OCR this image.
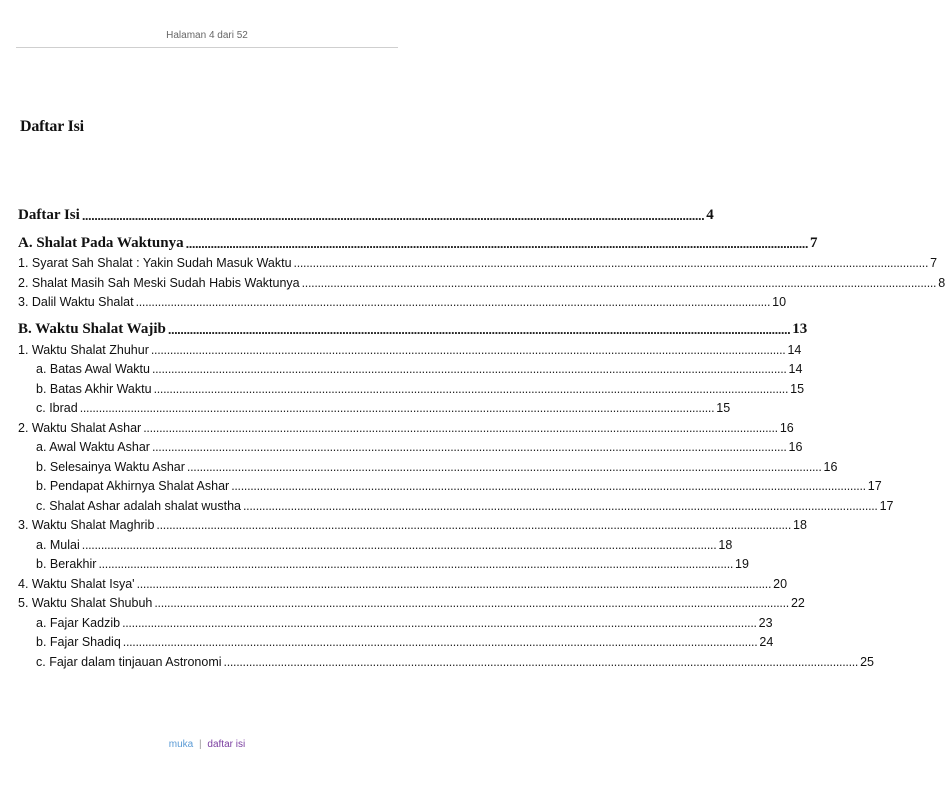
Halaman 4 dari 52
Daftar Isi
Daftar Isi ........................................................................................................................................................................................................ 4
A. Shalat Pada Waktunya ........................................................................................................................................................................................................ 7
1. Syarat Sah Shalat : Yakin Sudah Masuk Waktu ........................................................................................................................................................................................................ 7
2. Shalat Masih Sah Meski Sudah Habis Waktunya ........................................................................................................................................................................................................ 8
3. Dalil Waktu Shalat ........................................................................................................................................................................................................ 10
B. Waktu Shalat Wajib ........................................................................................................................................................................................................ 13
1. Waktu Shalat Zhuhur ........................................................................................................................................................................................................ 14
a. Batas Awal Waktu ........................................................................................................................................................................................................ 14
b. Batas Akhir Waktu ........................................................................................................................................................................................................ 15
c. Ibrad ........................................................................................................................................................................................................ 15
2. Waktu Shalat Ashar ........................................................................................................................................................................................................ 16
a. Awal Waktu Ashar ........................................................................................................................................................................................................ 16
b. Selesainya Waktu Ashar ........................................................................................................................................................................................................ 16
b. Pendapat Akhirnya Shalat Ashar ........................................................................................................................................................................................................ 17
c. Shalat Ashar adalah shalat wustha ........................................................................................................................................................................................................ 17
3. Waktu Shalat Maghrib ........................................................................................................................................................................................................ 18
a. Mulai ........................................................................................................................................................................................................ 18
b. Berakhir ........................................................................................................................................................................................................ 19
4. Waktu Shalat Isya' ........................................................................................................................................................................................................ 20
5. Waktu Shalat Shubuh ........................................................................................................................................................................................................ 22
a. Fajar Kadzib ........................................................................................................................................................................................................ 23
b. Fajar Shadiq ........................................................................................................................................................................................................ 24
c. Fajar dalam tinjauan Astronomi ........................................................................................................................................................................................................ 25
muka | daftar isi
